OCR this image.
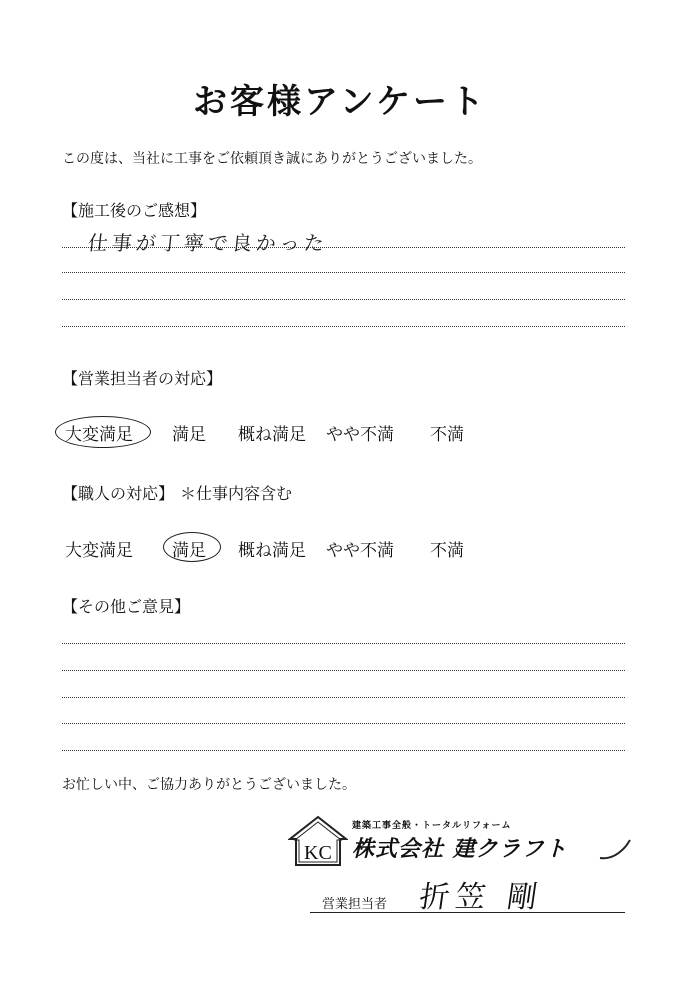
お客様アンケート
この度は、当社に工事をご依頼頂き誠にありがとうございました。
【施工後のご感想】
仕事が丁寧で良かった
【営業担当者の対応】
大変満足 満足 概ね満足 やや不満 不満
【職人の対応】 ＊仕事内容含む
大変満足 満足 概ね満足 やや不満 不満
【その他ご意見】
お忙しい中、ご協力ありがとうございました。
KC
建築工事全般・トータルリフォーム
株式会社 建クラフト
営業担当者 折笠 剛
